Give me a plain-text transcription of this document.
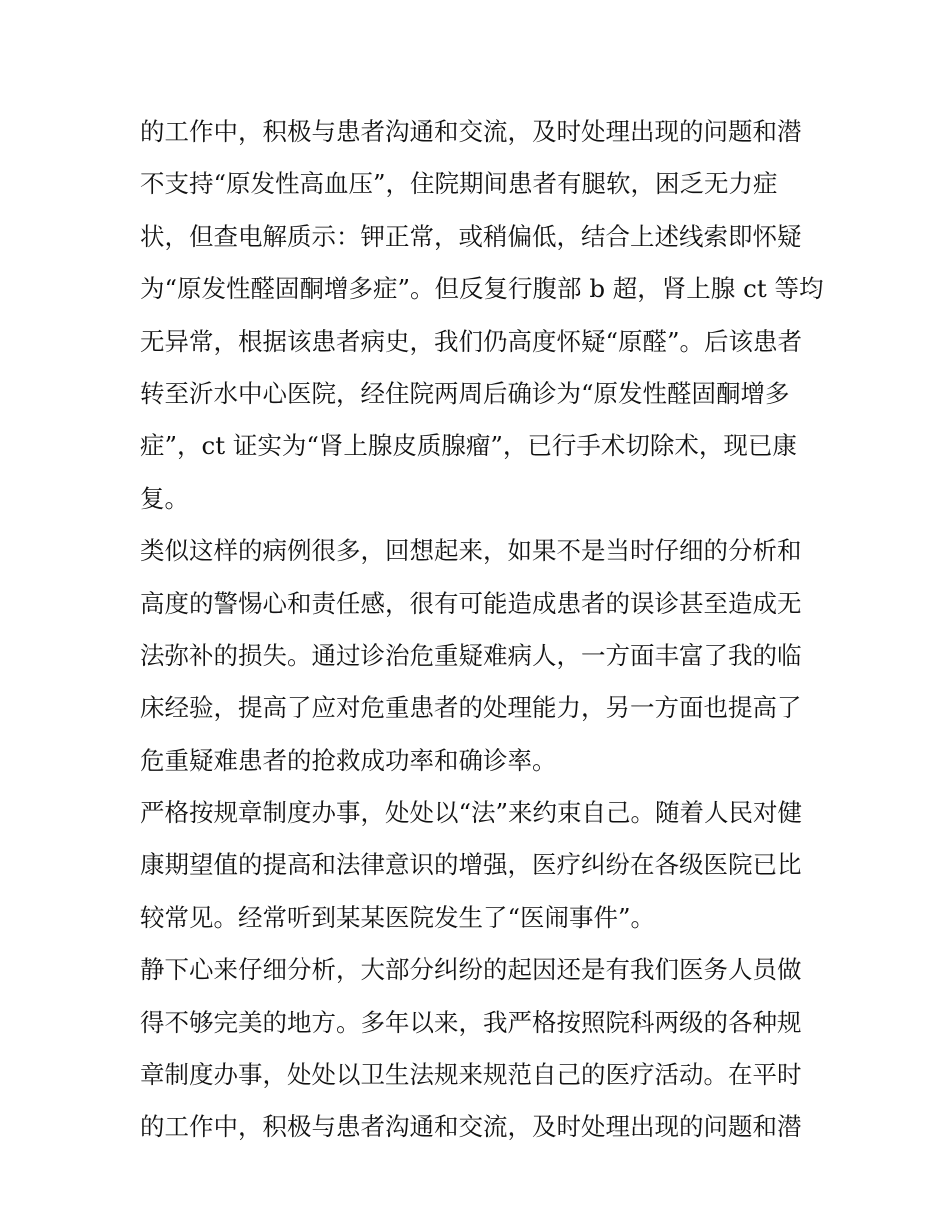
的工作中，积极与患者沟通和交流，及时处理出现的问题和潜
不支持“原发性高血压”，住院期间患者有腿软，困乏无力症
状，但查电解质示：钾正常，或稍偏低，结合上述线索即怀疑
为“原发性醛固酮增多症”。但反复行腹部 b 超，肾上腺 ct 等均
无异常，根据该患者病史，我们仍高度怀疑“原醛”。后该患者
转至沂水中心医院，经住院两周后确诊为“原发性醛固酮增多
症”，ct 证实为“肾上腺皮质腺瘤”，已行手术切除术，现已康
复。
类似这样的病例很多，回想起来，如果不是当时仔细的分析和
高度的警惕心和责任感，很有可能造成患者的误诊甚至造成无
法弥补的损失。通过诊治危重疑难病人，一方面丰富了我的临
床经验，提高了应对危重患者的处理能力，另一方面也提高了
危重疑难患者的抢救成功率和确诊率。
严格按规章制度办事，处处以“法”来约束自己。随着人民对健
康期望值的提高和法律意识的增强，医疗纠纷在各级医院已比
较常见。经常听到某某医院发生了“医闹事件”。
静下心来仔细分析，大部分纠纷的起因还是有我们医务人员做
得不够完美的地方。多年以来，我严格按照院科两级的各种规
章制度办事，处处以卫生法规来规范自己的医疗活动。在平时
的工作中，积极与患者沟通和交流，及时处理出现的问题和潜
